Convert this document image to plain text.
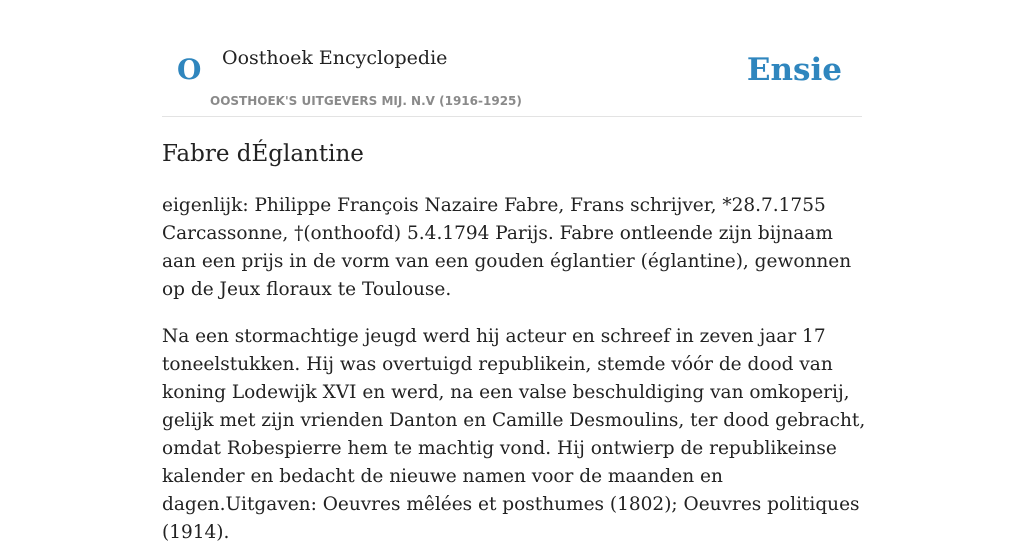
O Oosthoek Encyclopedie
OOSTHOEK'S UITGEVERS MIJ. N.V (1916-1925)
Ensie
Fabre dÉglantine

eigenlijk: Philippe François Nazaire Fabre, Frans schrijver, *28.7.1755 Carcassonne, †(onthoofd) 5.4.1794 Parijs. Fabre ontleende zijn bijnaam aan een prijs in de vorm van een gouden églantier (églantine), gewonnen op de Jeux floraux te Toulouse.

Na een stormachtige jeugd werd hij acteur en schreef in zeven jaar 17 toneelstukken. Hij was overtuigd republikein, stemde vóór de dood van koning Lodewijk XVI en werd, na een valse beschuldiging van omkoperij, gelijk met zijn vrienden Danton en Camille Desmoulins, ter dood gebracht, omdat Robespierre hem te machtig vond. Hij ontwierp de republikeinse kalender en bedacht de nieuwe namen voor de maanden en dagen.Uitgaven: Oeuvres mêlées et posthumes (1802); Oeuvres politiques (1914).
